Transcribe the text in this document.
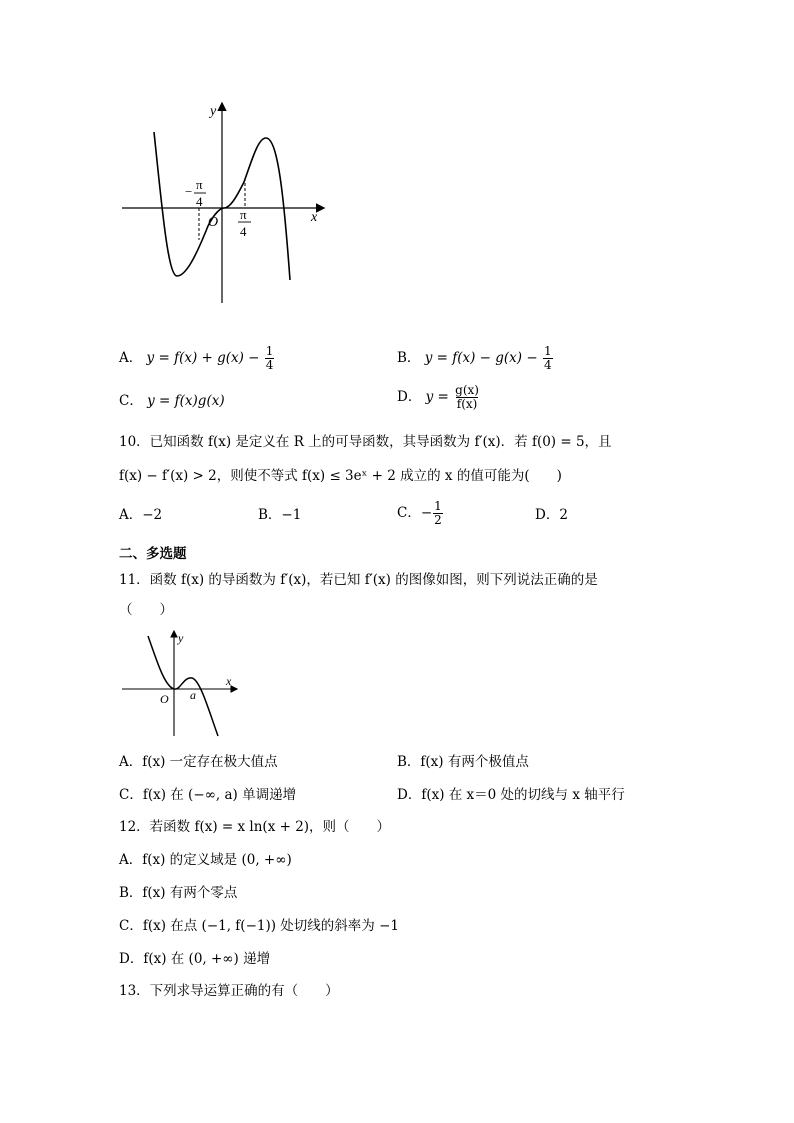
y
x
O
− π
4
π
4
A． $y = f(x) + g(x) - \frac{1}{4}$	B． $y = f(x) - g(x) - \frac{1}{4}$
C． y = f(x)g(x)	D． $y = \frac{g(x)}{f(x)}$
10．已知函数 f(x) 是定义在 R 上的可导函数，其导函数为 f′(x)．若 f(0) = 5，且
f(x) − f′(x) > 2，则使不等式 f(x) ≤ 3eˣ + 2 成立的 x 的值可能为(　　)
A．−2	B．−1	C．− $\frac{1}{2}$	D．2
二、多选题
11．函数 f(x) 的导函数为 f′(x)，若已知 f′(x) 的图像如图，则下列说法正确的是
（　　）
y
x
O a
A．f(x) 一定存在极大值点	B．f(x) 有两个极值点
C．f(x) 在 (−∞, a) 单调递增	D．f(x) 在 x＝0 处的切线与 x 轴平行
12．若函数 f(x) = x ln(x + 2)，则（　　）
A．f(x) 的定义域是 (0, +∞)
B．f(x) 有两个零点
C．f(x) 在点 (−1, f(−1)) 处切线的斜率为 −1
D．f(x) 在 (0, +∞) 递增
13．下列求导运算正确的有（　　）
